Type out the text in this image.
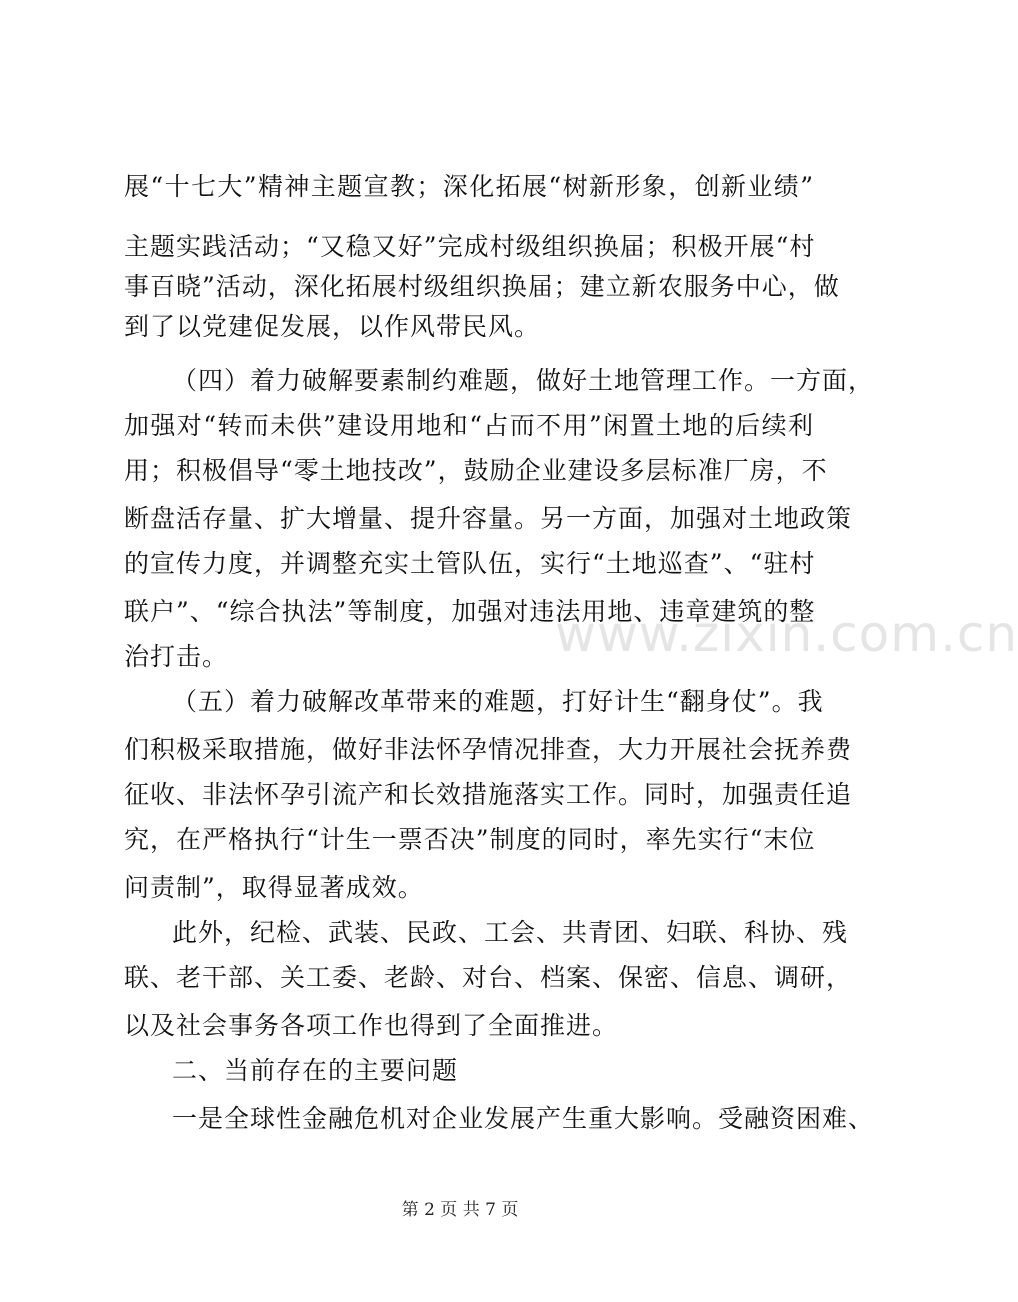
展“十七大”精神主题宣教；深化拓展“树新形象，创新业绩”
主题实践活动；“又稳又好”完成村级组织换届；积极开展“村
事百晓”活动，深化拓展村级组织换届；建立新农服务中心，做
到了以党建促发展，以作风带民风。
（四）着力破解要素制约难题，做好土地管理工作。一方面，
加强对“转而未供”建设用地和“占而不用”闲置土地的后续利
用；积极倡导“零土地技改”，鼓励企业建设多层标准厂房，不
断盘活存量、扩大增量、提升容量。另一方面，加强对土地政策
的宣传力度，并调整充实土管队伍，实行“土地巡查”、“驻村
联户”、“综合执法”等制度，加强对违法用地、违章建筑的整
治打击。
（五）着力破解改革带来的难题，打好计生“翻身仗”。我
们积极采取措施，做好非法怀孕情况排查，大力开展社会抚养费
征收、非法怀孕引流产和长效措施落实工作。同时，加强责任追
究，在严格执行“计生一票否决”制度的同时，率先实行“末位
问责制”，取得显著成效。
此外，纪检、武装、民政、工会、共青团、妇联、科协、残
联、老干部、关工委、老龄、对台、档案、保密、信息、调研，
以及社会事务各项工作也得到了全面推进。
二、当前存在的主要问题
一是全球性金融危机对企业发展产生重大影响。受融资困难、
www.zixin.com.cn
第 2 页 共 7 页
